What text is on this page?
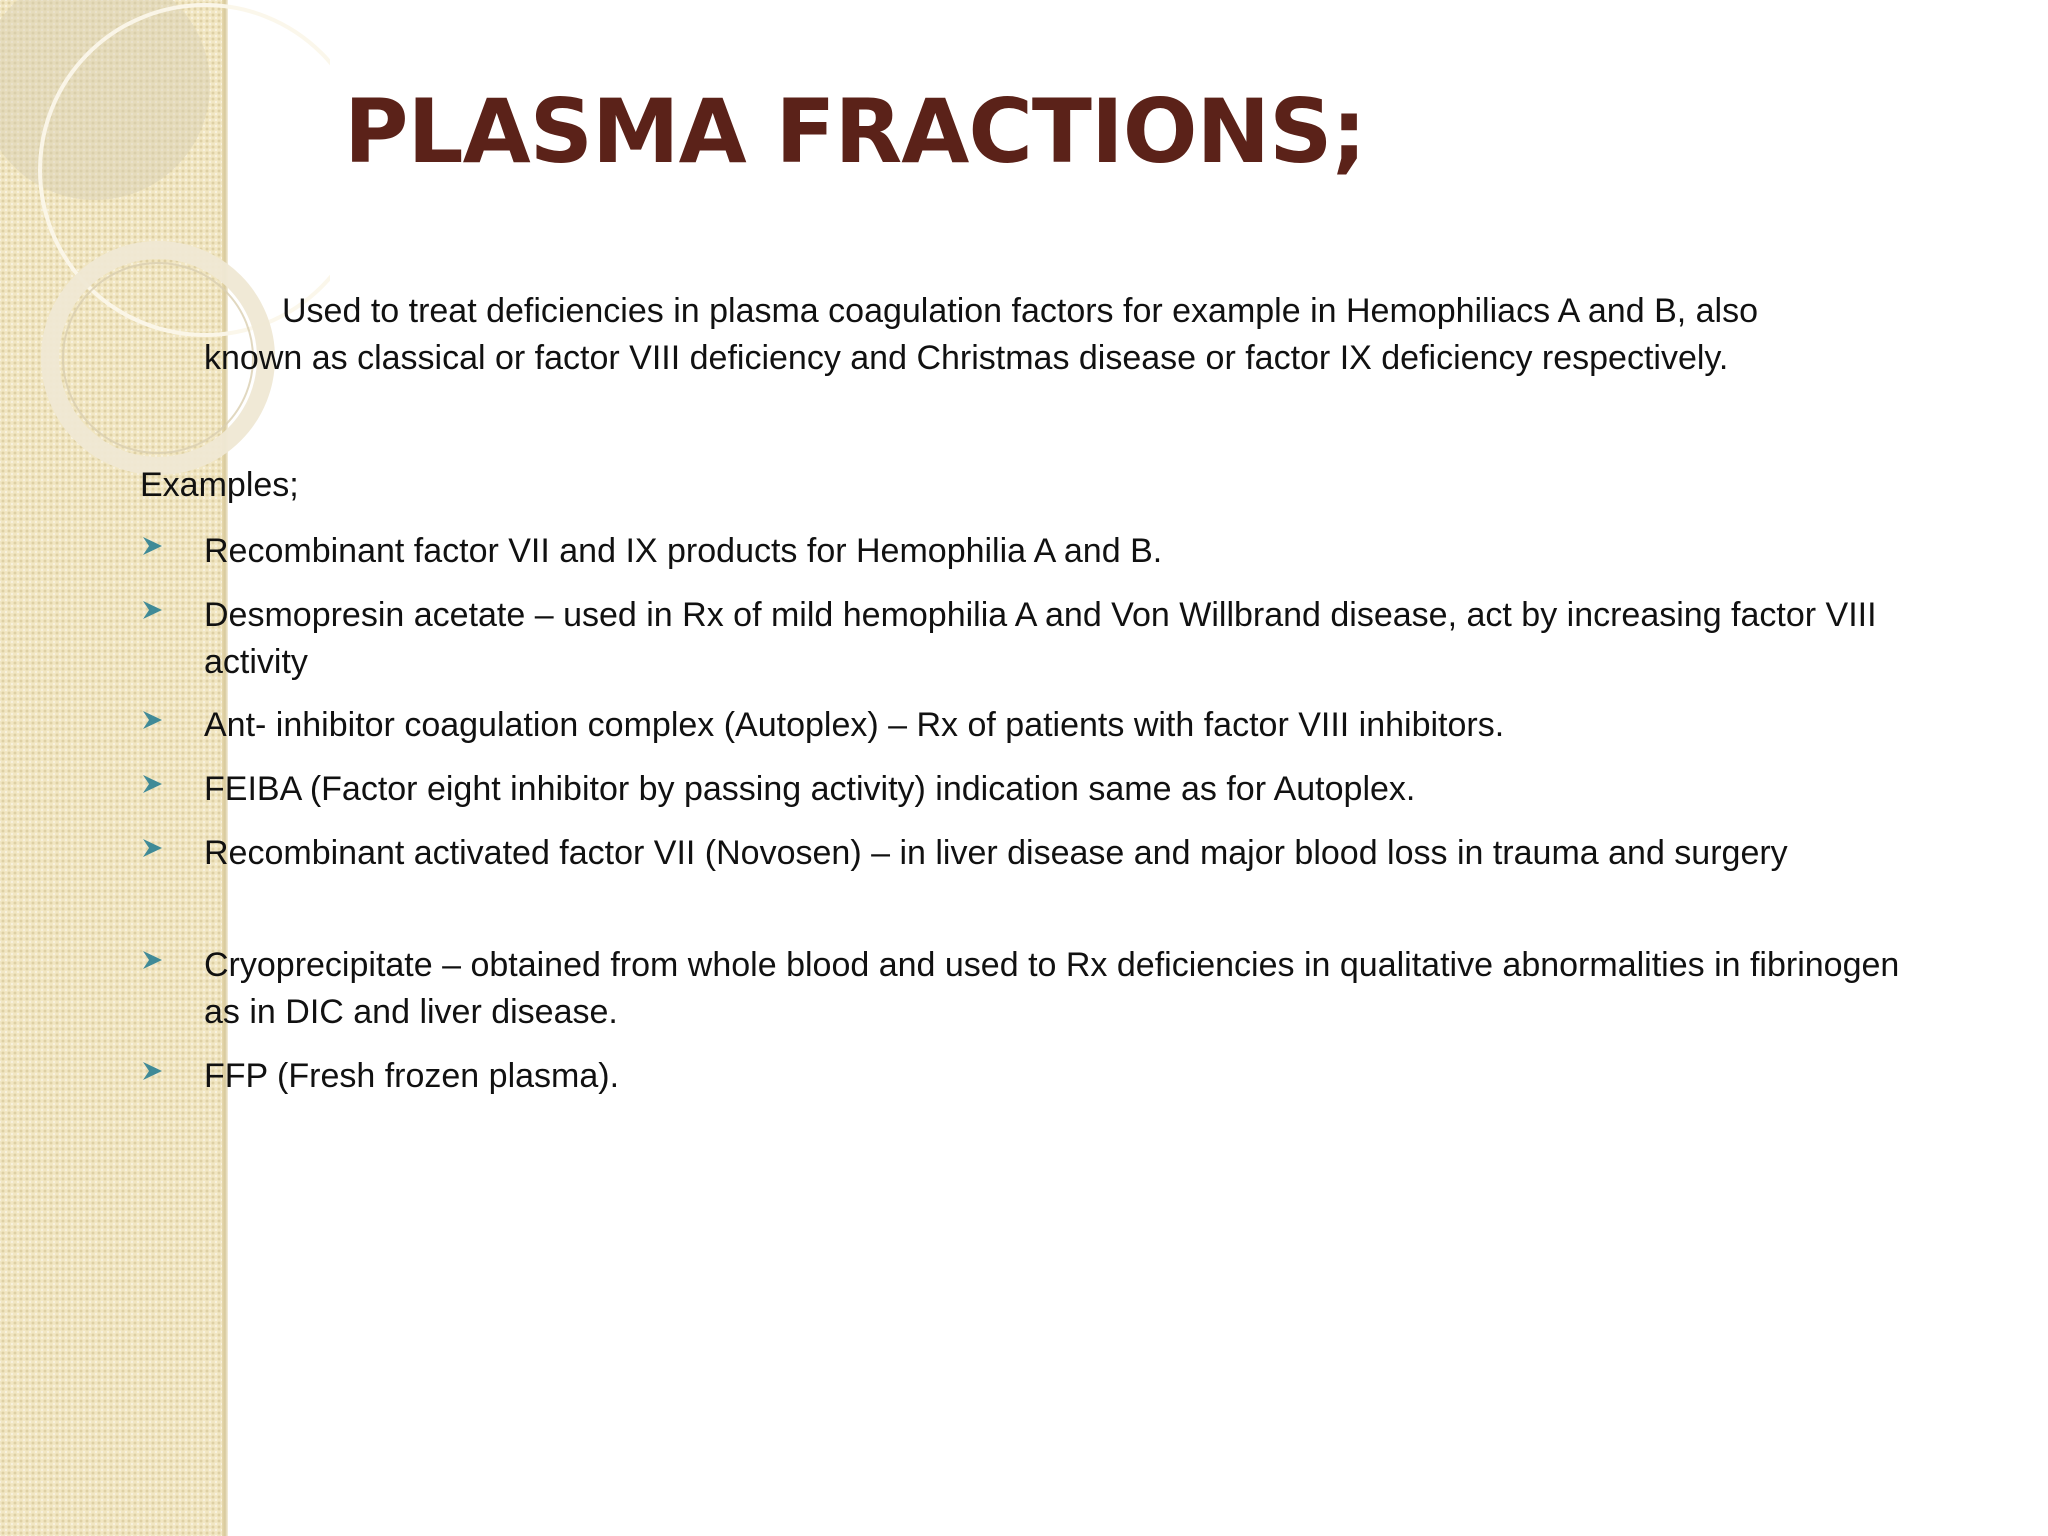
PLASMA FRACTIONS;

Used to treat deficiencies in plasma coagulation factors for example in Hemophiliacs A and B, also known as classical or factor VIII deficiency and Christmas disease or factor IX deficiency respectively.

Examples;

Recombinant factor VII and IX products for Hemophilia A and B.
Desmopresin acetate – used in Rx of mild hemophilia A and Von Willbrand disease, act by increasing factor VIII activity
Ant- inhibitor coagulation complex (Autoplex) – Rx of patients with factor VIII inhibitors.
FEIBA (Factor eight inhibitor by passing activity) indication same as for Autoplex.
Recombinant activated factor VII (Novosen) – in liver disease and major blood loss in trauma and surgery
Cryoprecipitate – obtained from whole blood and used to Rx deficiencies in qualitative abnormalities in fibrinogen as in DIC and liver disease.
FFP (Fresh frozen plasma).
